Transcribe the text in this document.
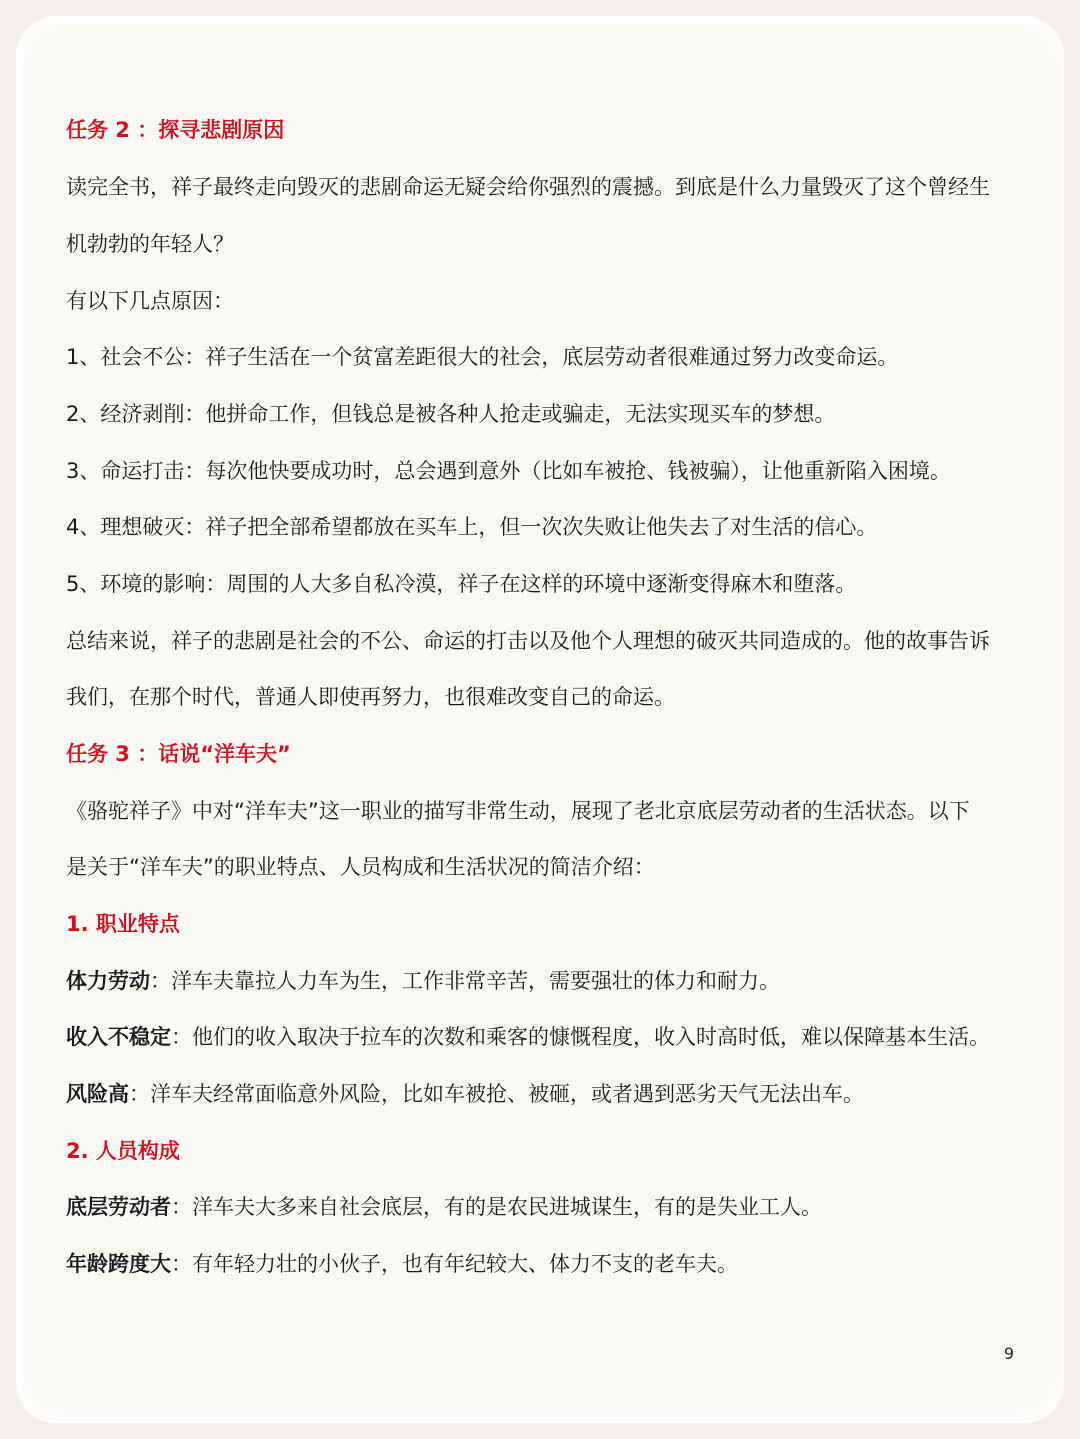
任务 2 ：探寻悲剧原因
读完全书，祥子最终走向毁灭的悲剧命运无疑会给你强烈的震撼。到底是什么力量毁灭了这个曾经生
机勃勃的年轻人？
有以下几点原因：
1、社会不公：祥子生活在一个贫富差距很大的社会，底层劳动者很难通过努力改变命运。
2、经济剥削：他拼命工作，但钱总是被各种人抢走或骗走，无法实现买车的梦想。
3、命运打击：每次他快要成功时，总会遇到意外（比如车被抢、钱被骗），让他重新陷入困境。
4、理想破灭：祥子把全部希望都放在买车上，但一次次失败让他失去了对生活的信心。
5、环境的影响：周围的人大多自私冷漠，祥子在这样的环境中逐渐变得麻木和堕落。
总结来说，祥子的悲剧是社会的不公、命运的打击以及他个人理想的破灭共同造成的。他的故事告诉
我们，在那个时代，普通人即使再努力，也很难改变自己的命运。
任务 3 ：话说“洋车夫”
《骆驼祥子》中对“洋车夫”这一职业的描写非常生动，展现了老北京底层劳动者的生活状态。以下
是关于“洋车夫”的职业特点、人员构成和生活状况的简洁介绍：
1. 职业特点
体力劳动：洋车夫靠拉人力车为生，工作非常辛苦，需要强壮的体力和耐力。
收入不稳定：他们的收入取决于拉车的次数和乘客的慷慨程度，收入时高时低，难以保障基本生活。
风险高：洋车夫经常面临意外风险，比如车被抢、被砸，或者遇到恶劣天气无法出车。
2. 人员构成
底层劳动者：洋车夫大多来自社会底层，有的是农民进城谋生，有的是失业工人。
年龄跨度大：有年轻力壮的小伙子，也有年纪较大、体力不支的老车夫。
9
